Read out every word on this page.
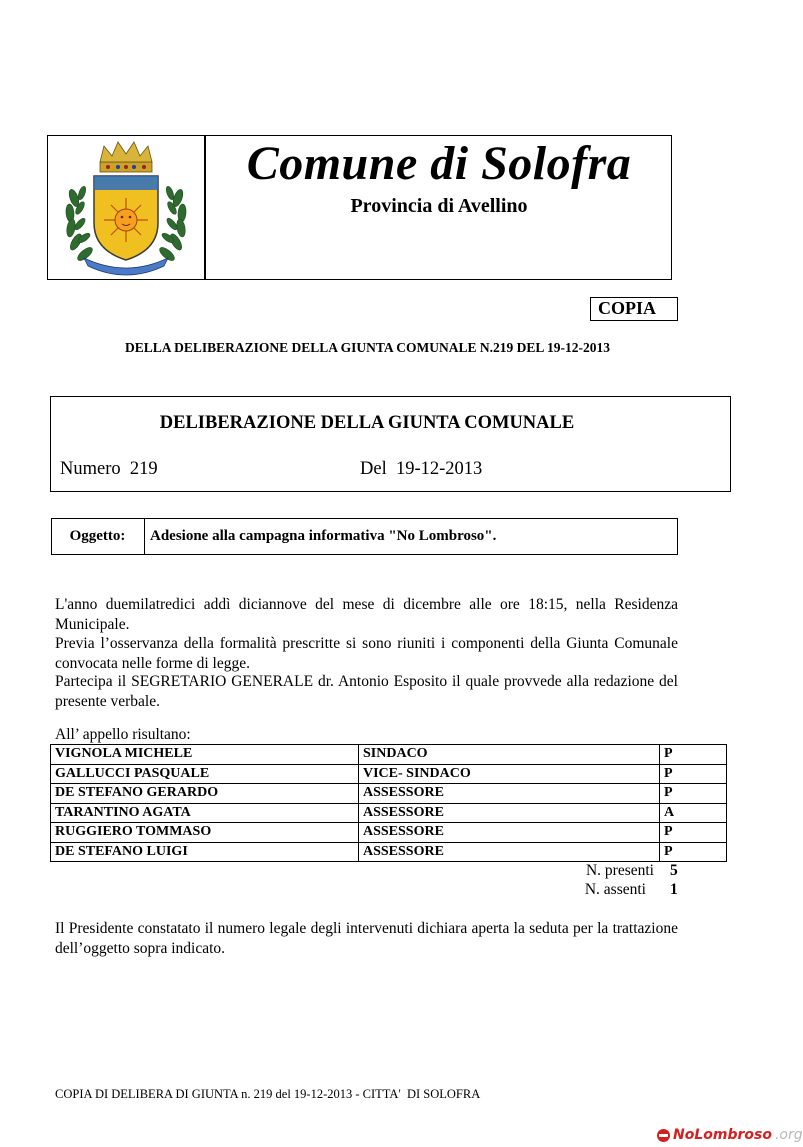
Comune di Solofra
Provincia di Avellino
COPIA
DELLA DELIBERAZIONE DELLA GIUNTA COMUNALE N.219 DEL 19-12-2013
DELIBERAZIONE DELLA GIUNTA COMUNALE
Numero  219	Del  19-12-2013
Oggetto:	Adesione alla campagna informativa "No Lombroso".
L'anno duemilatredici addì diciannove del mese di dicembre alle ore 18:15, nella Residenza Municipale.
Previa l’osservanza della formalità prescritte si sono riuniti i componenti della Giunta Comunale convocata nelle forme di legge.
Partecipa il SEGRETARIO GENERALE dr. Antonio Esposito il quale provvede alla redazione del presente verbale.
All’ appello risultano:
VIGNOLA MICHELE	SINDACO	P
GALLUCCI PASQUALE	VICE- SINDACO	P
DE STEFANO GERARDO	ASSESSORE	P
TARANTINO AGATA	ASSESSORE	A
RUGGIERO TOMMASO	ASSESSORE	P
DE STEFANO LUIGI	ASSESSORE	P
N. presenti 5
N. assenti 1
Il Presidente constatato il numero legale degli intervenuti dichiara aperta la seduta per la trattazione dell’oggetto sopra indicato.
COPIA DI DELIBERA DI GIUNTA n. 219 del 19-12-2013 - CITTA'  DI SOLOFRA
NoLombroso .org
